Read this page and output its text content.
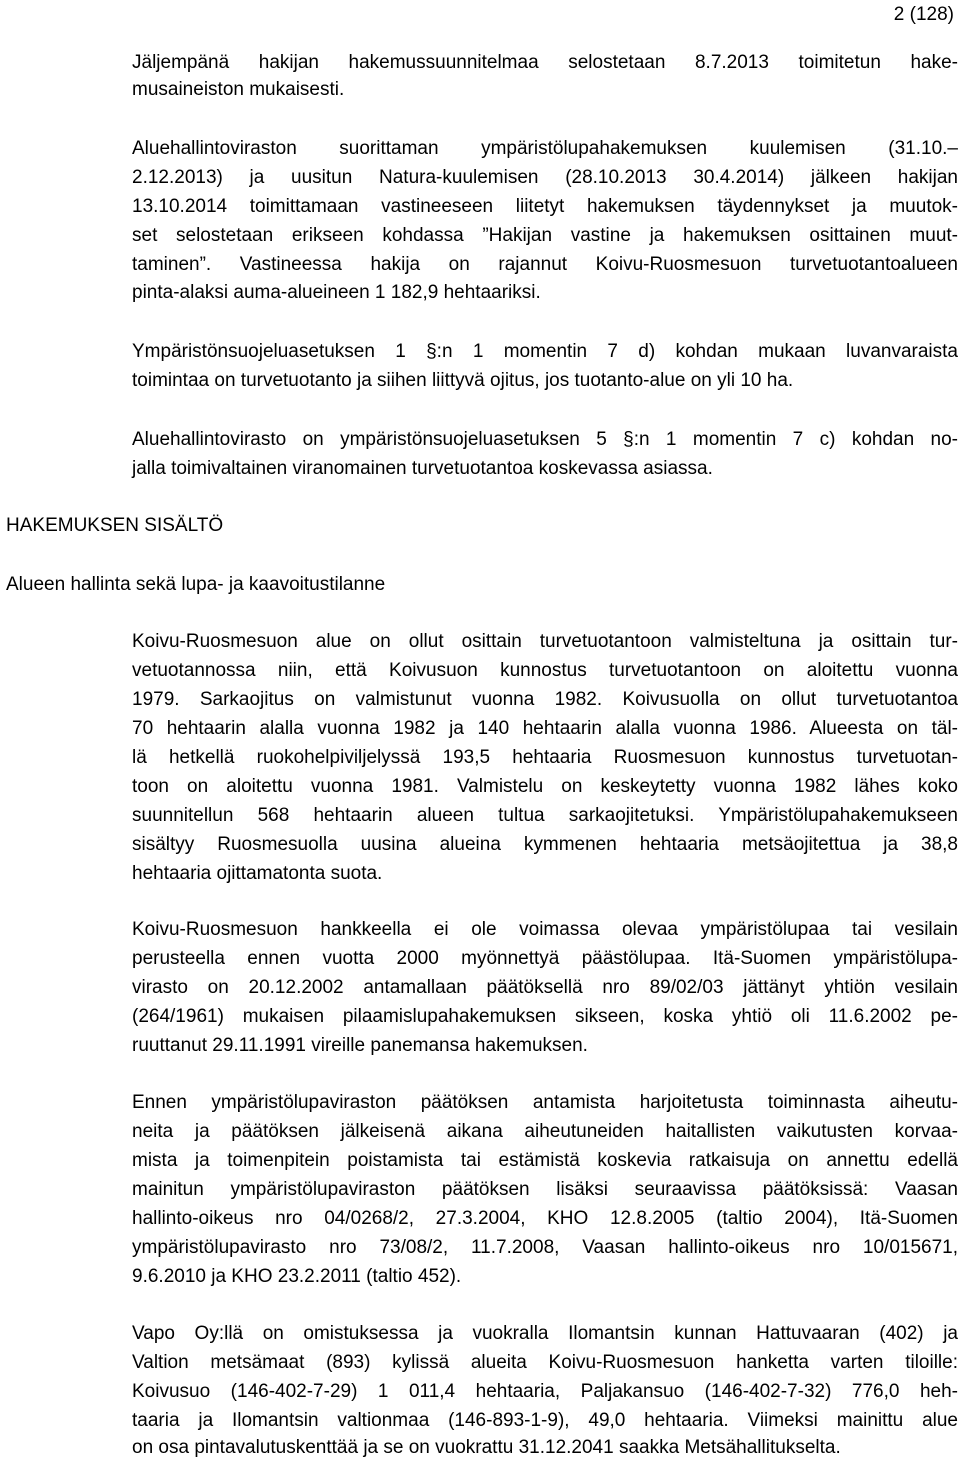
2 (128)
Jäljempänä hakijan hakemussuunnitelmaa selostetaan 8.7.2013 toimitetun hake-
musaineiston mukaisesti.
Aluehallintoviraston suorittaman ympäristölupahakemuksen kuulemisen (31.10.–
2.12.2013) ja uusitun Natura-kuulemisen (28.10.2013 30.4.2014) jälkeen hakijan
13.10.2014 toimittamaan vastineeseen liitetyt hakemuksen täydennykset ja muutok-
set selostetaan erikseen kohdassa ”Hakijan vastine ja hakemuksen osittainen muut-
taminen”. Vastineessa hakija on rajannut Koivu-Ruosmesuon turvetuotantoalueen
pinta-alaksi auma-alueineen 1 182,9 hehtaariksi.
Ympäristönsuojeluasetuksen 1 §:n 1 momentin 7 d) kohdan mukaan luvanvaraista
toimintaa on turvetuotanto ja siihen liittyvä ojitus, jos tuotanto-alue on yli 10 ha.
Aluehallintovirasto on ympäristönsuojeluasetuksen 5 §:n 1 momentin 7 c) kohdan no-
jalla toimivaltainen viranomainen turvetuotantoa koskevassa asiassa.
HAKEMUKSEN SISÄLTÖ
Alueen hallinta sekä lupa- ja kaavoitustilanne
Koivu-Ruosmesuon alue on ollut osittain turvetuotantoon valmisteltuna ja osittain tur-
vetuotannossa niin, että Koivusuon kunnostus turvetuotantoon on aloitettu vuonna
1979. Sarkaojitus on valmistunut vuonna 1982. Koivusuolla on ollut turvetuotantoa
70 hehtaarin alalla vuonna 1982 ja 140 hehtaarin alalla vuonna 1986. Alueesta on täl-
lä hetkellä ruokohelpiviljelyssä 193,5 hehtaaria Ruosmesuon kunnostus turvetuotan-
toon on aloitettu vuonna 1981. Valmistelu on keskeytetty vuonna 1982 lähes koko
suunnitellun 568 hehtaarin alueen tultua sarkaojitetuksi. Ympäristölupahakemukseen
sisältyy Ruosmesuolla uusina alueina kymmenen hehtaaria metsäojitettua ja 38,8
hehtaaria ojittamatonta suota.
Koivu-Ruosmesuon hankkeella ei ole voimassa olevaa ympäristölupaa tai vesilain
perusteella ennen vuotta 2000 myönnettyä päästölupaa. Itä-Suomen ympäristölupa-
virasto on 20.12.2002 antamallaan päätöksellä nro 89/02/03 jättänyt yhtiön vesilain
(264/1961) mukaisen pilaamislupahakemuksen sikseen, koska yhtiö oli 11.6.2002 pe-
ruuttanut 29.11.1991 vireille panemansa hakemuksen.
Ennen ympäristölupaviraston päätöksen antamista harjoitetusta toiminnasta aiheutu-
neita ja päätöksen jälkeisenä aikana aiheutuneiden haitallisten vaikutusten korvaa-
mista ja toimenpitein poistamista tai estämistä koskevia ratkaisuja on annettu edellä
mainitun ympäristölupaviraston päätöksen lisäksi seuraavissa päätöksissä: Vaasan
hallinto-oikeus nro 04/0268/2, 27.3.2004, KHO 12.8.2005 (taltio 2004), Itä-Suomen
ympäristölupavirasto nro 73/08/2, 11.7.2008, Vaasan hallinto-oikeus nro 10/015671,
9.6.2010 ja KHO 23.2.2011 (taltio 452).
Vapo Oy:llä on omistuksessa ja vuokralla Ilomantsin kunnan Hattuvaaran (402) ja
Valtion metsämaat (893) kylissä alueita Koivu-Ruosmesuon hanketta varten tiloille:
Koivusuo (146-402-7-29) 1 011,4 hehtaaria, Paljakansuo (146-402-7-32) 776,0 heh-
taaria ja Ilomantsin valtionmaa (146-893-1-9), 49,0 hehtaaria. Viimeksi mainittu alue
on osa pintavalutuskenttää ja se on vuokrattu 31.12.2041 saakka Metsähallitukselta.
